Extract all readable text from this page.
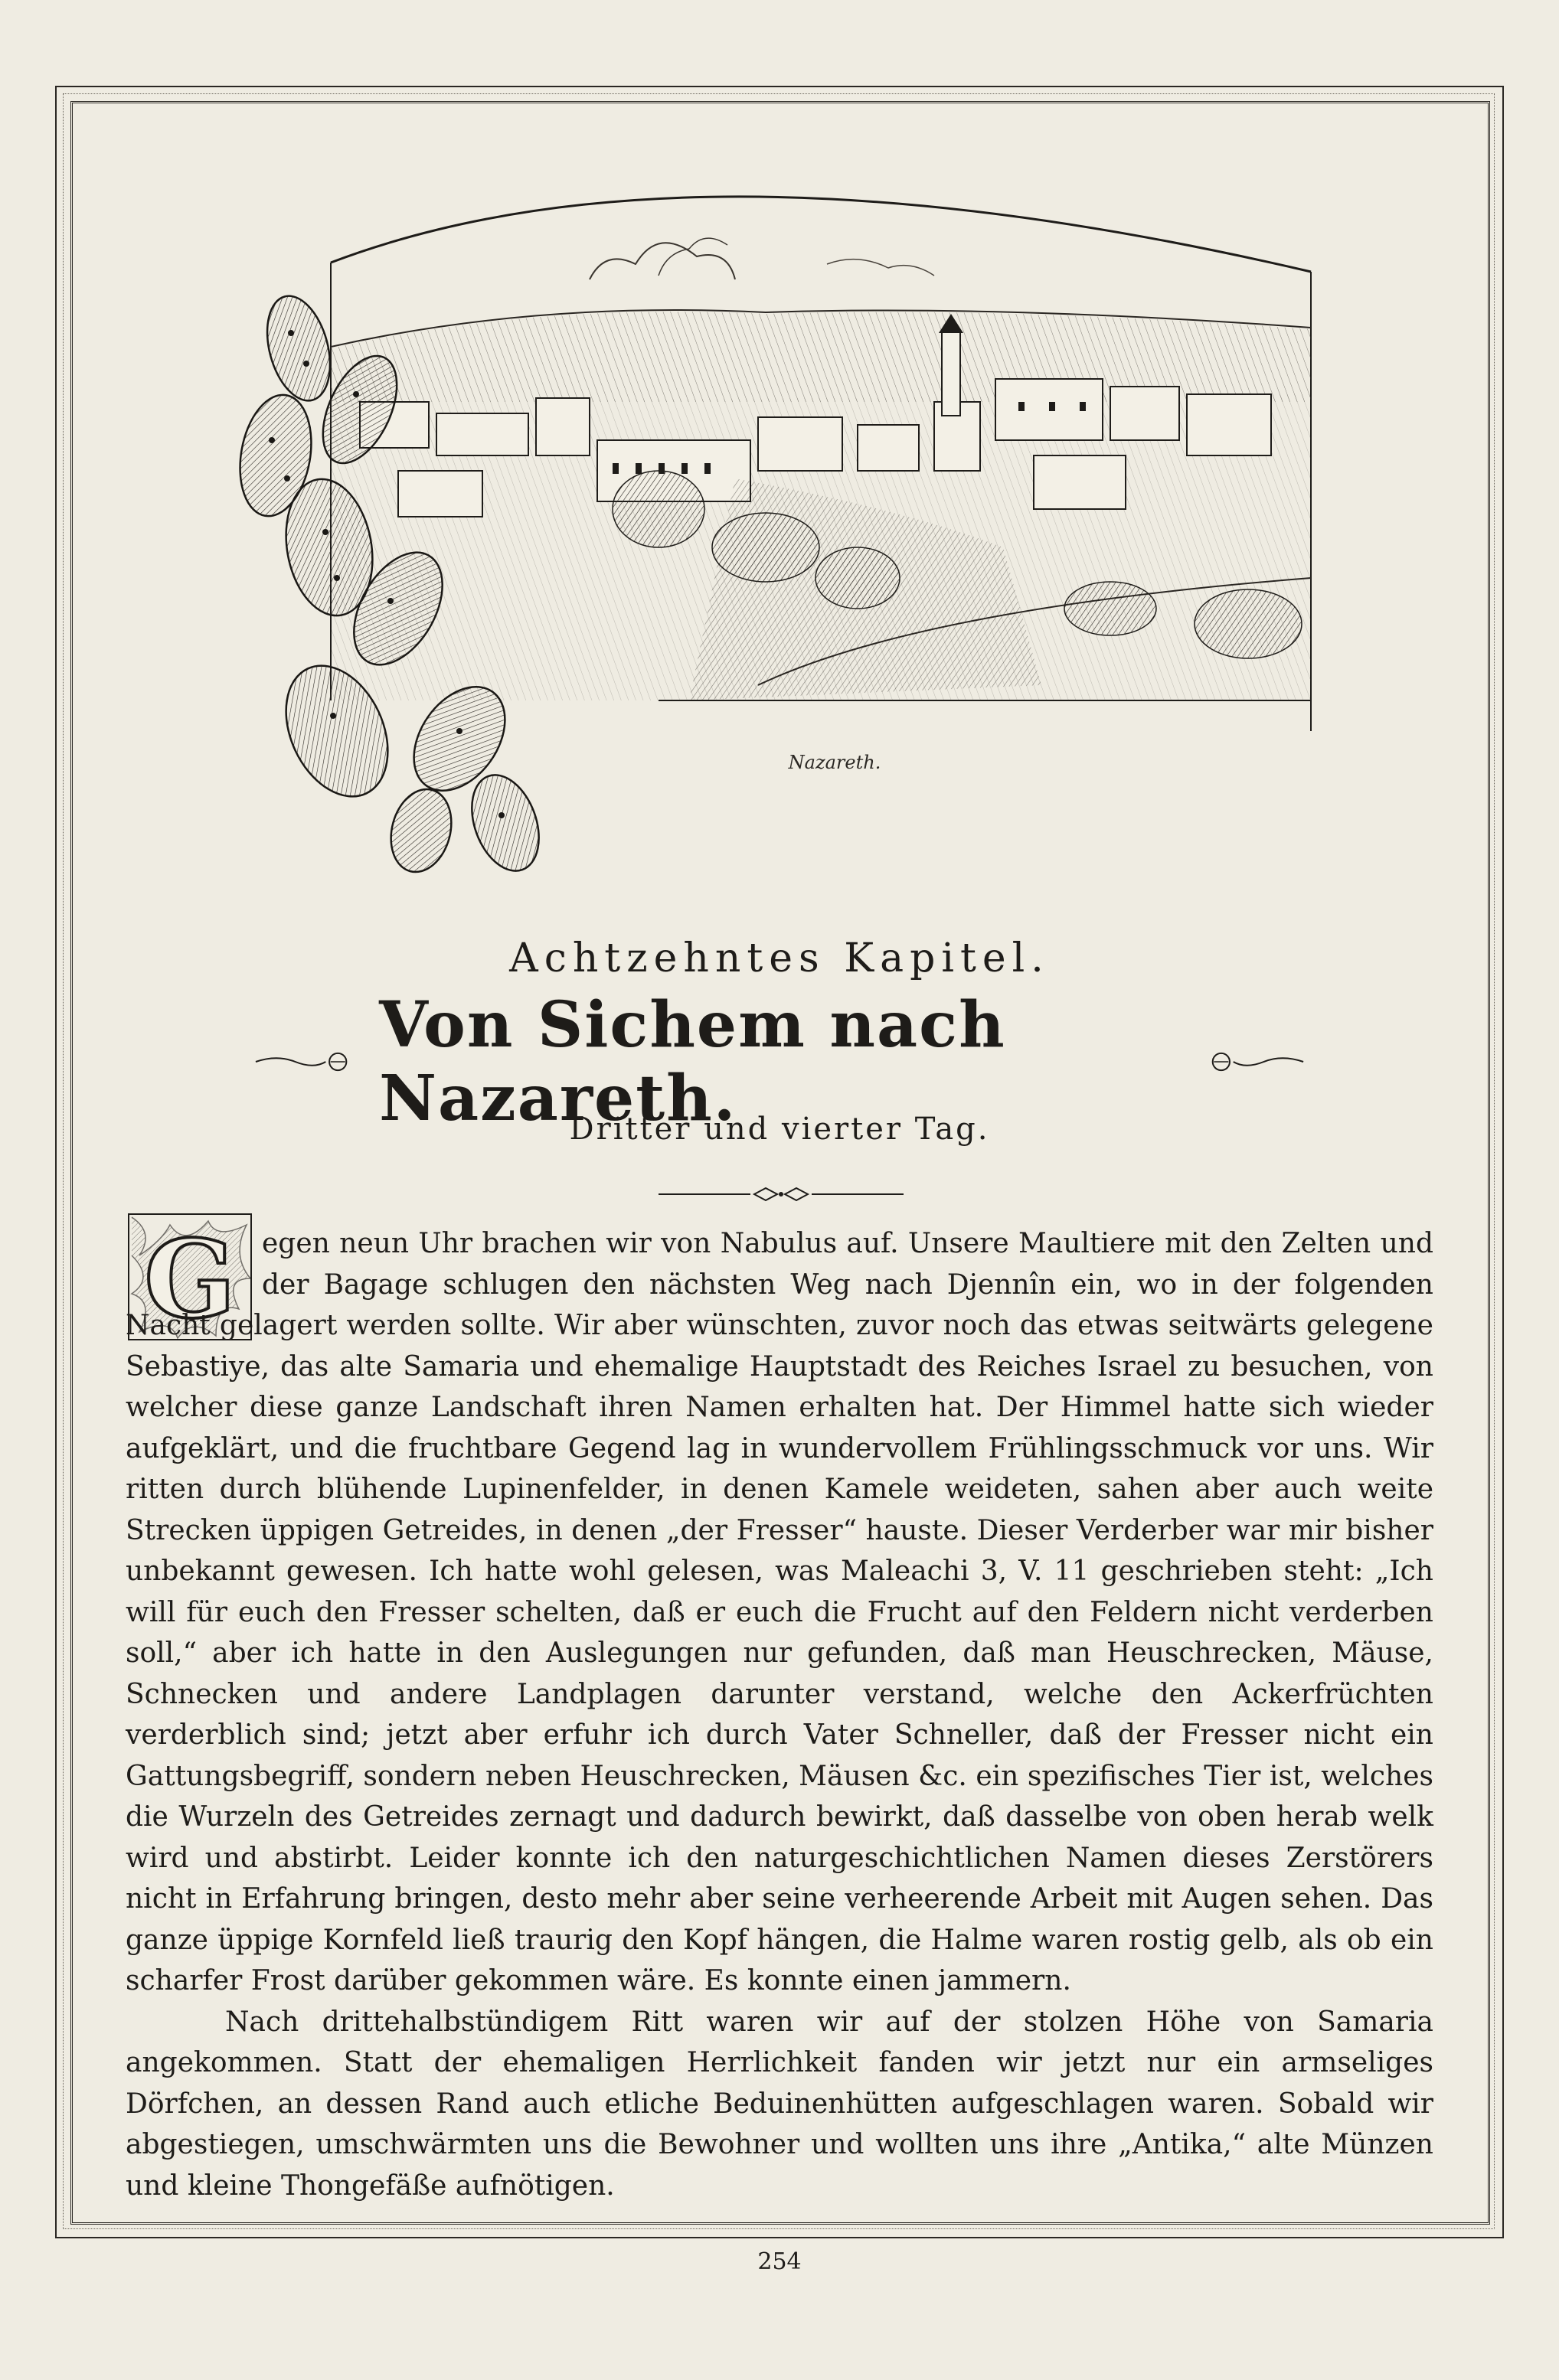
Nazareth.
Achtzehntes Kapitel.
Von Sichem nach Nazareth.
Dritter und vierter Tag.
G egen neun Uhr brachen wir von Nabulus auf. Unsere Maultiere mit den Zelten und der Bagage schlugen den nächsten Weg nach Djennîn ein, wo in der folgenden Nacht gelagert werden sollte. Wir aber wünschten, zuvor noch das etwas seitwärts gelegene Sebastiye, das alte Samaria und ehemalige Hauptstadt des Reiches Israel zu besuchen, von welcher diese ganze Landschaft ihren Namen erhalten hat. Der Himmel hatte sich wieder aufgeklärt, und die fruchtbare Gegend lag in wundervollem Frühlingsschmuck vor uns. Wir ritten durch blühende Lupinenfelder, in denen Kamele weideten, sahen aber auch weite Strecken üppigen Getreides, in denen „der Fresser“ hauste. Dieser Verderber war mir bisher unbekannt gewesen. Ich hatte wohl gelesen, was Maleachi 3, V. 11 geschrieben steht: „Ich will für euch den Fresser schelten, daß er euch die Frucht auf den Feldern nicht verderben soll,“ aber ich hatte in den Auslegungen nur gefunden, daß man Heuschrecken, Mäuse, Schnecken und andere Landplagen darunter verstand, welche den Ackerfrüchten verderblich sind; jetzt aber erfuhr ich durch Vater Schneller, daß der Fresser nicht ein Gattungsbegriff, sondern neben Heuschrecken, Mäusen &c. ein spezifisches Tier ist, welches die Wurzeln des Getreides zernagt und dadurch bewirkt, daß dasselbe von oben herab welk wird und abstirbt. Leider konnte ich den naturgeschichtlichen Namen dieses Zerstörers nicht in Erfahrung bringen, desto mehr aber seine verheerende Arbeit mit Augen sehen. Das ganze üppige Kornfeld ließ traurig den Kopf hängen, die Halme waren rostig gelb, als ob ein scharfer Frost darüber gekommen wäre. Es konnte einen jammern.

Nach drittehalbstündigem Ritt waren wir auf der stolzen Höhe von Samaria angekommen. Statt der ehemaligen Herrlichkeit fanden wir jetzt nur ein armseliges Dörfchen, an dessen Rand auch etliche Beduinenhütten aufgeschlagen waren. Sobald wir abgestiegen, umschwärmten uns die Bewohner und wollten uns ihre „Antika,“ alte Münzen und kleine Thongefäße aufnötigen.

254
